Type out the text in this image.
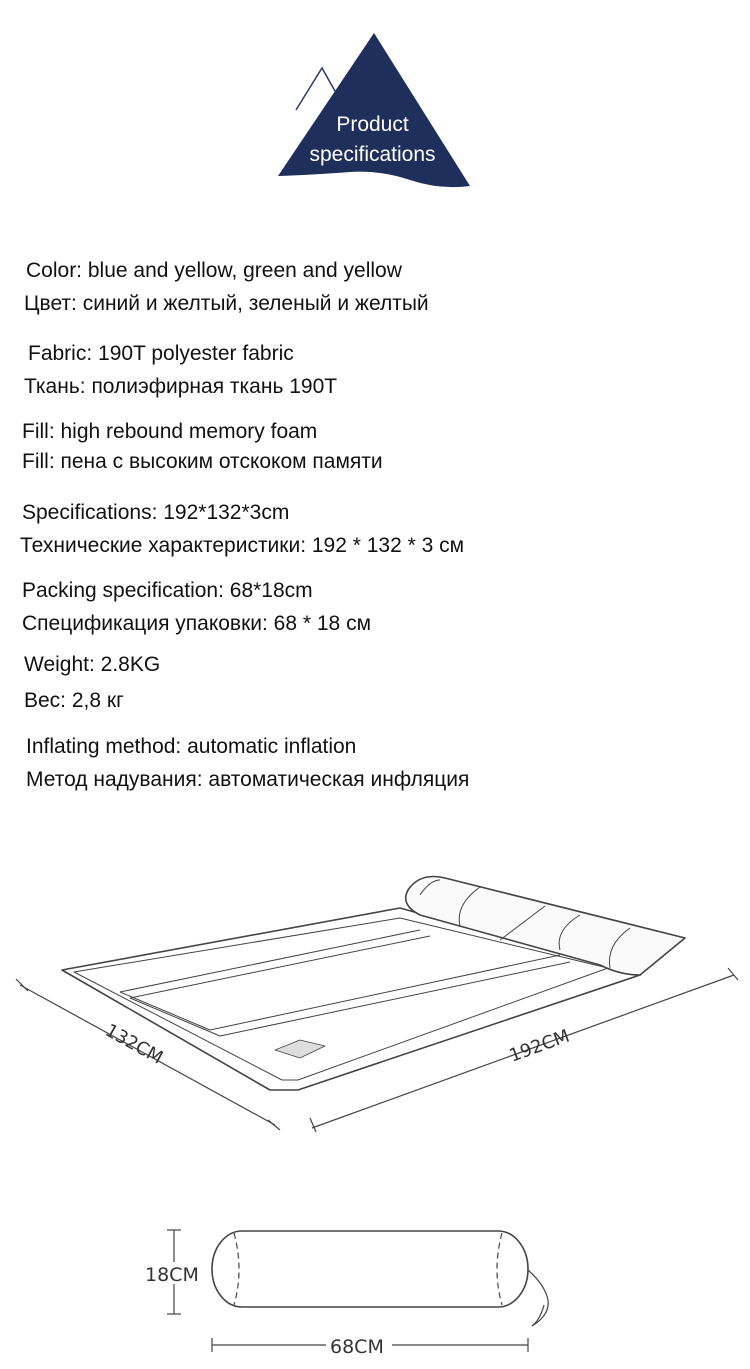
Product
specifications
Color: blue and yellow, green and yellow
Цвет: синий и желтый, зеленый и желтый
Fabric: 190T polyester fabric
Ткань: полиэфирная ткань 190T
Fill: high rebound memory foam
Fill: пена с высоким отскоком памяти
Specifications: 192*132*3cm
Технические характеристики: 192 * 132 * 3 см
Packing specification: 68*18cm
Спецификация упаковки: 68 * 18 см
Weight: 2.8KG
Вес: 2,8 кг
Inflating method: automatic inflation
Метод надувания: автоматическая инфляция
132CM	192CM
18CM
68CM
